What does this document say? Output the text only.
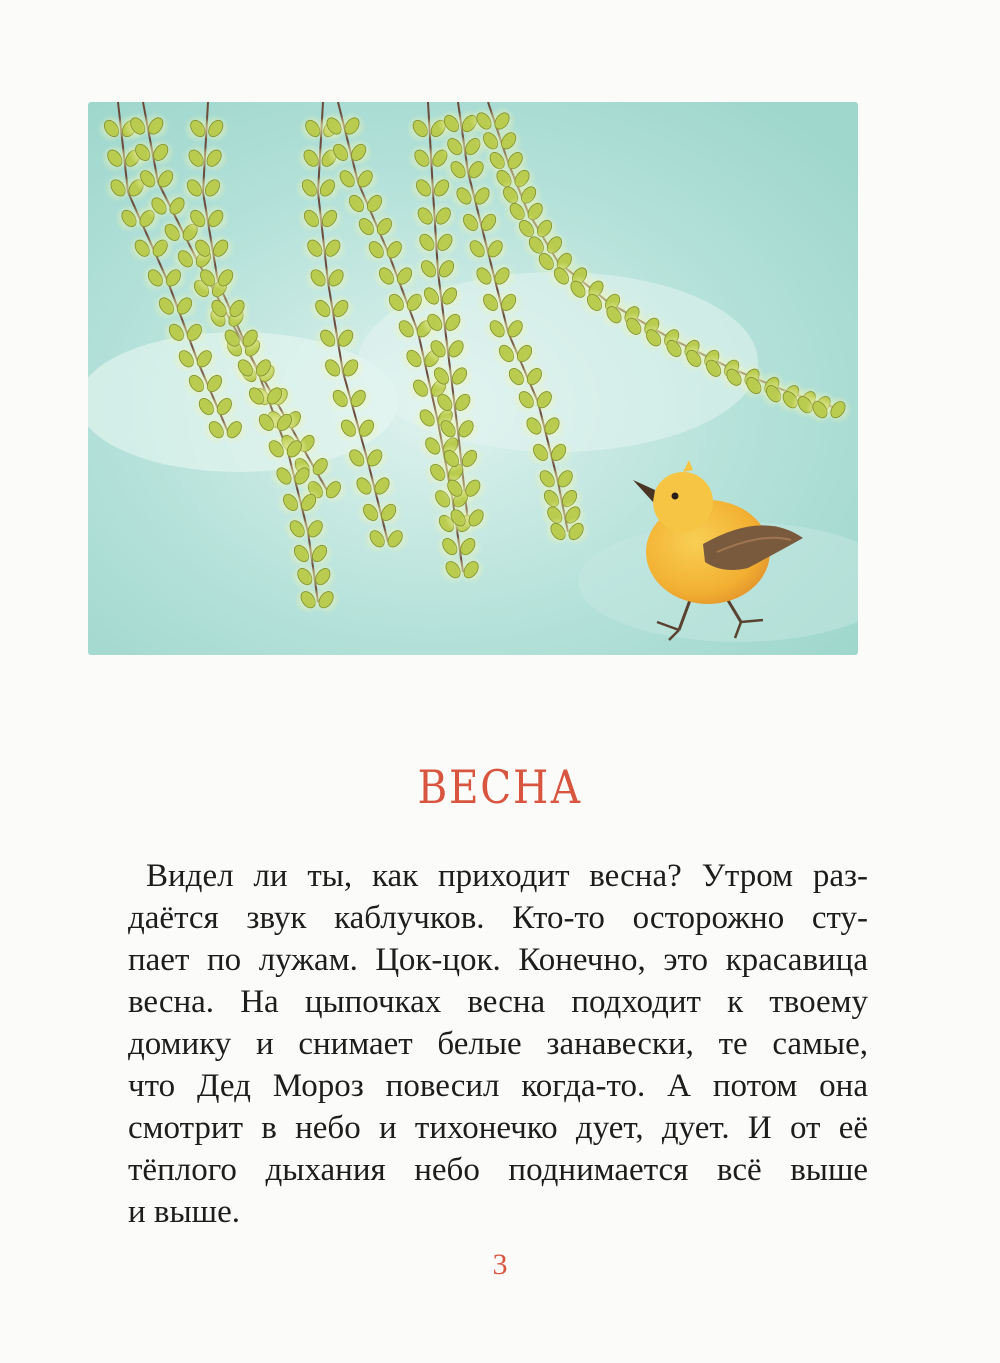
ВЕСНА
Видел ли ты, как приходит весна? Утром раз-
даётся звук каблучков. Кто-то осторожно сту-
пает по лужам. Цок-цок. Конечно, это красавица
весна. На цыпочках весна подходит к твоему
домику и снимает белые занавески, те самые,
что Дед Мороз повесил когда-то. А потом она
смотрит в небо и тихонечко дует, дует. И от её
тёплого дыхания небо поднимается всё выше
и выше.
3
